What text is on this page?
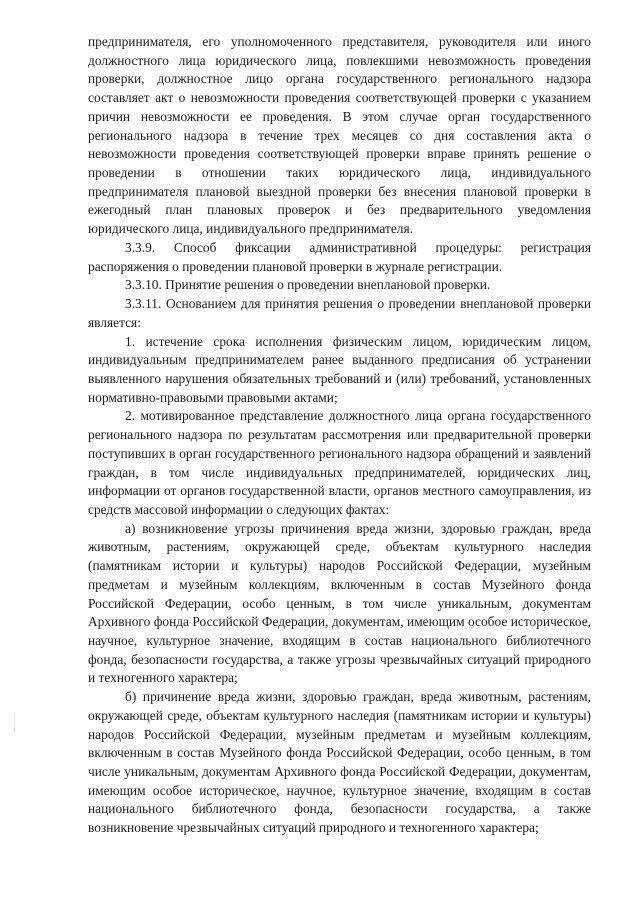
предпринимателя, его уполномоченного представителя, руководителя или иного должностного лица юридического лица, повлекшими невозможность проведения проверки, должностное лицо органа государственного регионального надзора составляет акт о невозможности проведения соответствующей проверки с указанием причин невозможности ее проведения. В этом случае орган государственного регионального надзора в течение трех месяцев со дня составления акта о невозможности проведения соответствующей проверки вправе принять решение о проведении в отношении таких юридического лица, индивидуального предпринимателя плановой выездной проверки без внесения плановой проверки в ежегодный план плановых проверок и без предварительного уведомления юридического лица, индивидуального предпринимателя.

3.3.9. Способ фиксации административной процедуры: регистрация распоряжения о проведении плановой проверки в журнале регистрации.

3.3.10. Принятие решения о проведении внеплановой проверки.

3.3.11. Основанием для принятия решения о проведении внеплановой проверки является:

1. истечение срока исполнения физическим лицом, юридическим лицом, индивидуальным предпринимателем ранее выданного предписания об устранении выявленного нарушения обязательных требований и (или) требований, установленных нормативно-правовыми правовыми актами;

2. мотивированное представление должностного лица органа государственного регионального надзора по результатам рассмотрения или предварительной проверки поступивших в орган государственного регионального надзора обращений и заявлений граждан, в том числе индивидуальных предпринимателей, юридических лиц, информации от органов государственной власти, органов местного самоуправления, из средств массовой информации о следующих фактах:

а) возникновение угрозы причинения вреда жизни, здоровью граждан, вреда животным, растениям, окружающей среде, объектам культурного наследия (памятникам истории и культуры) народов Российской Федерации, музейным предметам и музейным коллекциям, включенным в состав Музейного фонда Российской Федерации, особо ценным, в том числе уникальным, документам Архивного фонда Российской Федерации, документам, имеющим особое историческое, научное, культурное значение, входящим в состав национального библиотечного фонда, безопасности государства, а также угрозы чрезвычайных ситуаций природного и техногенного характера;

б) причинение вреда жизни, здоровью граждан, вреда животным, растениям, окружающей среде, объектам культурного наследия (памятникам истории и культуры) народов Российской Федерации, музейным предметам и музейным коллекциям, включенным в состав Музейного фонда Российской Федерации, особо ценным, в том числе уникальным, документам Архивного фонда Российской Федерации, документам, имеющим особое историческое, научное, культурное значение, входящим в состав национального библиотечного фонда, безопасности государства, а также возникновение чрезвычайных ситуаций природного и техногенного характера;
